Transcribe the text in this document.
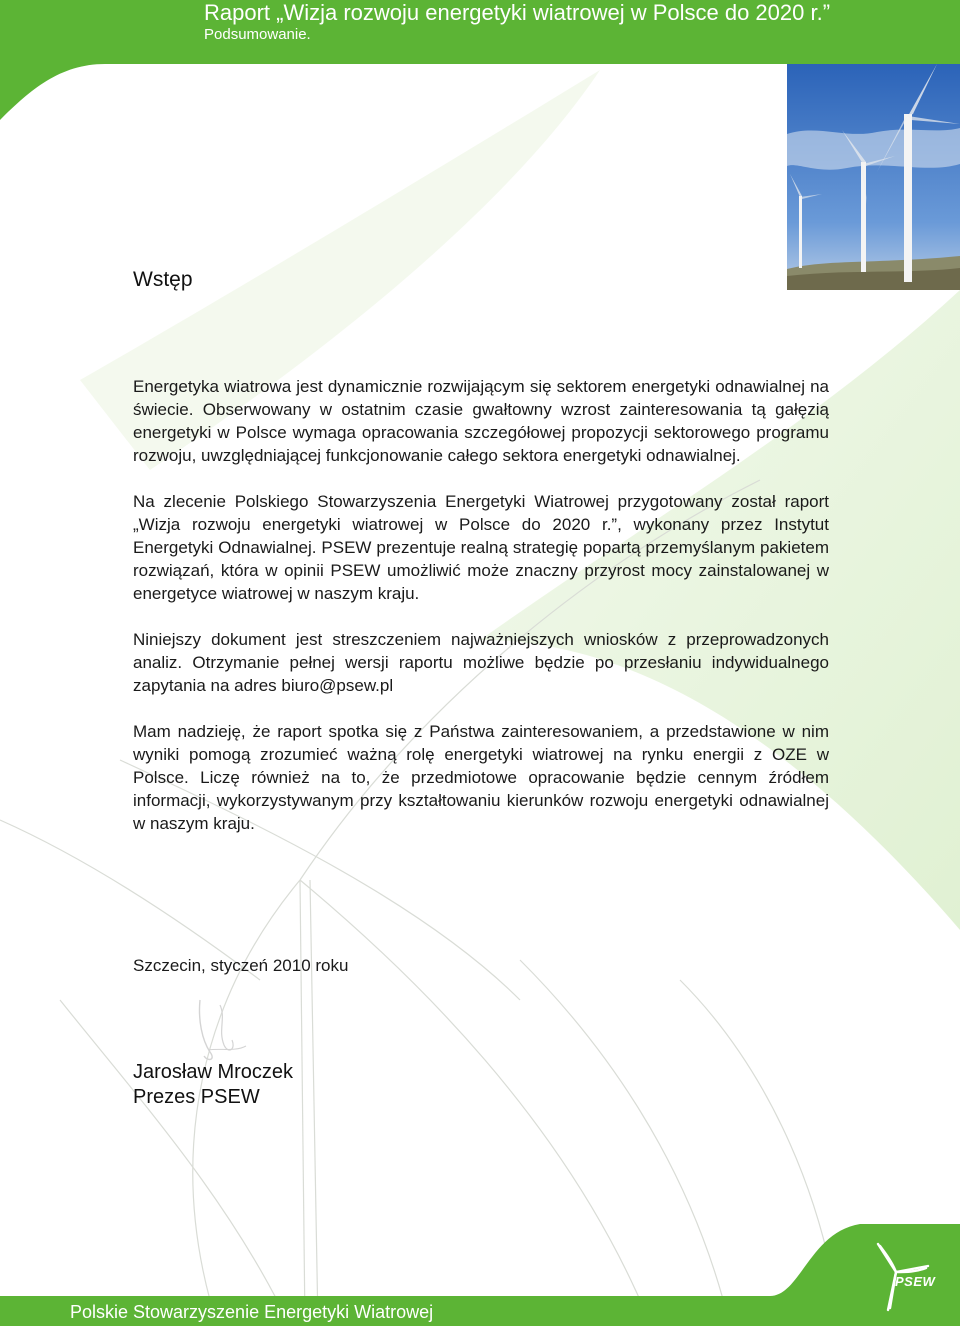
Raport „Wizja rozwoju energetyki wiatrowej w Polsce do 2020 r.”
Podsumowanie.
Wstęp

Energetyka wiatrowa jest dynamicznie rozwijającym się sektorem energetyki odnawialnej na świecie. Obserwowany w ostatnim czasie gwałtowny wzrost zainteresowania tą gałęzią energetyki w Polsce wymaga opracowania szczegółowej propozycji sektorowego programu rozwoju, uwzględniającej funkcjonowanie całego sektora energetyki odnawialnej.

Na zlecenie Polskiego Stowarzyszenia Energetyki Wiatrowej przygotowany został raport „Wizja rozwoju energetyki wiatrowej w Polsce do 2020 r.”, wykonany przez Instytut Energetyki Odnawialnej. PSEW prezentuje realną strategię popartą przemyślanym pakietem rozwiązań, która w opinii PSEW umożliwić może znaczny przyrost mocy zainstalowanej w energetyce wiatrowej w naszym kraju.

Niniejszy dokument jest streszczeniem najważniejszych wniosków z przeprowadzonych analiz. Otrzymanie pełnej wersji raportu możliwe będzie po przesłaniu indywidualnego zapytania na adres biuro@psew.pl

Mam nadzieję, że raport spotka się z Państwa zainteresowaniem, a przedstawione w nim wyniki pomogą zrozumieć ważną rolę energetyki wiatrowej na rynku energii z OZE w Polsce. Liczę również na to, że przedmiotowe opracowanie będzie cennym źródłem informacji, wykorzystywanym przy kształtowaniu kierunków rozwoju energetyki odnawialnej w naszym kraju.

Szczecin, styczeń 2010 roku
Jarosław Mroczek
Prezes PSEW
Polskie Stowarzyszenie Energetyki Wiatrowej
PSEW
